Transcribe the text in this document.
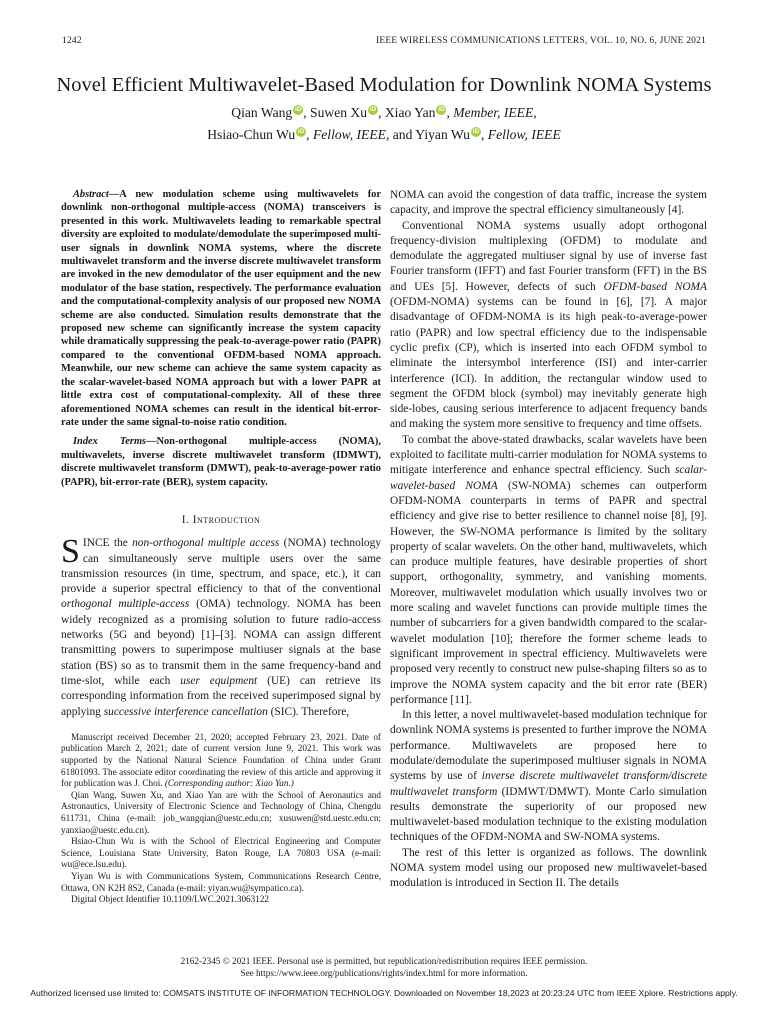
1242	IEEE WIRELESS COMMUNICATIONS LETTERS, VOL. 10, NO. 6, JUNE 2021
Novel Efficient Multiwavelet-Based Modulation for Downlink NOMA Systems
Qian Wang iD , Suwen Xu iD , Xiao Yan iD , Member, IEEE,
Hsiao-Chun Wu iD , Fellow, IEEE, and Yiyan Wu iD , Fellow, IEEE

Abstract—A new modulation scheme using multiwavelets for downlink non-orthogonal multiple-access (NOMA) transceivers is presented in this work. Multiwavelets leading to remarkable spectral diversity are exploited to modulate/demodulate the superimposed multi-user signals in downlink NOMA systems, where the discrete multiwavelet transform and the inverse discrete multiwavelet transform are invoked in the new demodulator of the user equipment and the new modulator of the base station, respectively. The performance evaluation and the computational-complexity analysis of our proposed new NOMA scheme are also conducted. Simulation results demonstrate that the proposed new scheme can significantly increase the system capacity while dramatically suppressing the peak-to-average-power ratio (PAPR) compared to the conventional OFDM-based NOMA approach. Meanwhile, our new scheme can achieve the same system capacity as the scalar-wavelet-based NOMA approach but with a lower PAPR at little extra cost of computational-complexity. All of these three aforementioned NOMA schemes can result in the identical bit-error-rate under the same signal-to-noise ratio condition.

Index Terms—Non-orthogonal multiple-access (NOMA), multiwavelets, inverse discrete multiwavelet transform (IDMWT), discrete multiwavelet transform (DMWT), peak-to-average-power ratio (PAPR), bit-error-rate (BER), system capacity.

I. Introduction

SINCE the non-orthogonal multiple access (NOMA) technology can simultaneously serve multiple users over the same transmission resources (in time, spectrum, and space, etc.), it can provide a superior spectral efficiency to that of the conventional orthogonal multiple-access (OMA) technology. NOMA has been widely recognized as a promising solution to future radio-access networks (5G and beyond) [1]–[3]. NOMA can assign different transmitting powers to superimpose multiuser signals at the base station (BS) so as to transmit them in the same frequency-band and time-slot, while each user equipment (UE) can retrieve its corresponding information from the received superimposed signal by applying successive interference cancellation (SIC). Therefore,

Manuscript received December 21, 2020; accepted February 23, 2021. Date of publication March 2, 2021; date of current version June 9, 2021. This work was supported by the National Natural Science Foundation of China under Grant 61801093. The associate editor coordinating the review of this article and approving it for publication was J. Choi. (Corresponding author: Xiao Yan.)

Qian Wang, Suwen Xu, and Xiao Yan are with the School of Aeronautics and Astronautics, University of Electronic Science and Technology of China, Chengdu 611731, China (e-mail: job_wangqian@uestc.edu.cn; xusuwen@std.uestc.edu.cn; yanxiao@uestc.edu.cn).

Hsiao-Chun Wu is with the School of Electrical Engineering and Computer Science, Louisiana State University, Baton Rouge, LA 70803 USA (e-mail: wu@ece.lsu.edu).

Yiyan Wu is with Communications System, Communications Research Centre, Ottawa, ON K2H 8S2, Canada (e-mail: yiyan.wu@sympatico.ca).

Digital Object Identifier 10.1109/LWC.2021.3063122

NOMA can avoid the congestion of data traffic, increase the system capacity, and improve the spectral efficiency simultaneously [4].

Conventional NOMA systems usually adopt orthogonal frequency-division multiplexing (OFDM) to modulate and demodulate the aggregated multiuser signal by use of inverse fast Fourier transform (IFFT) and fast Fourier transform (FFT) in the BS and UEs [5]. However, defects of such OFDM-based NOMA (OFDM-NOMA) systems can be found in [6], [7]. A major disadvantage of OFDM-NOMA is its high peak-to-average-power ratio (PAPR) and low spectral efficiency due to the indispensable cyclic prefix (CP), which is inserted into each OFDM symbol to eliminate the intersymbol interference (ISI) and inter-carrier interference (ICI). In addition, the rectangular window used to segment the OFDM block (symbol) may inevitably generate high side-lobes, causing serious interference to adjacent frequency bands and making the system more sensitive to frequency and time offsets.

To combat the above-stated drawbacks, scalar wavelets have been exploited to facilitate multi-carrier modulation for NOMA systems to mitigate interference and enhance spectral efficiency. Such scalar-wavelet-based NOMA (SW-NOMA) schemes can outperform OFDM-NOMA counterparts in terms of PAPR and spectral efficiency and give rise to better resilience to channel noise [8], [9]. However, the SW-NOMA performance is limited by the solitary property of scalar wavelets. On the other hand, multiwavelets, which can produce multiple features, have desirable properties of short support, orthogonality, symmetry, and vanishing moments. Moreover, multiwavelet modulation which usually involves two or more scaling and wavelet functions can provide multiple times the number of subcarriers for a given bandwidth compared to the scalar-wavelet modulation [10]; therefore the former scheme leads to significant improvement in spectral efficiency. Multiwavelets were proposed very recently to construct new pulse-shaping filters so as to improve the NOMA system capacity and the bit error rate (BER) performance [11].

In this letter, a novel multiwavelet-based modulation technique for downlink NOMA systems is presented to further improve the NOMA performance. Multiwavelets are proposed here to modulate/demodulate the superimposed multiuser signals in NOMA systems by use of inverse discrete multiwavelet transform/discrete multiwavelet transform (IDMWT/DMWT). Monte Carlo simulation results demonstrate the superiority of our proposed new multiwavelet-based modulation technique to the existing modulation techniques of the OFDM-NOMA and SW-NOMA systems.

The rest of this letter is organized as follows. The downlink NOMA system model using our proposed new multiwavelet-based modulation is introduced in Section II. The details

2162-2345 © 2021 IEEE. Personal use is permitted, but republication/redistribution requires IEEE permission.
See https://www.ieee.org/publications/rights/index.html for more information.
Authorized licensed use limited to: COMSATS INSTITUTE OF INFORMATION TECHNOLOGY. Downloaded on November 18,2023 at 20:23:24 UTC from IEEE Xplore. Restrictions apply.
